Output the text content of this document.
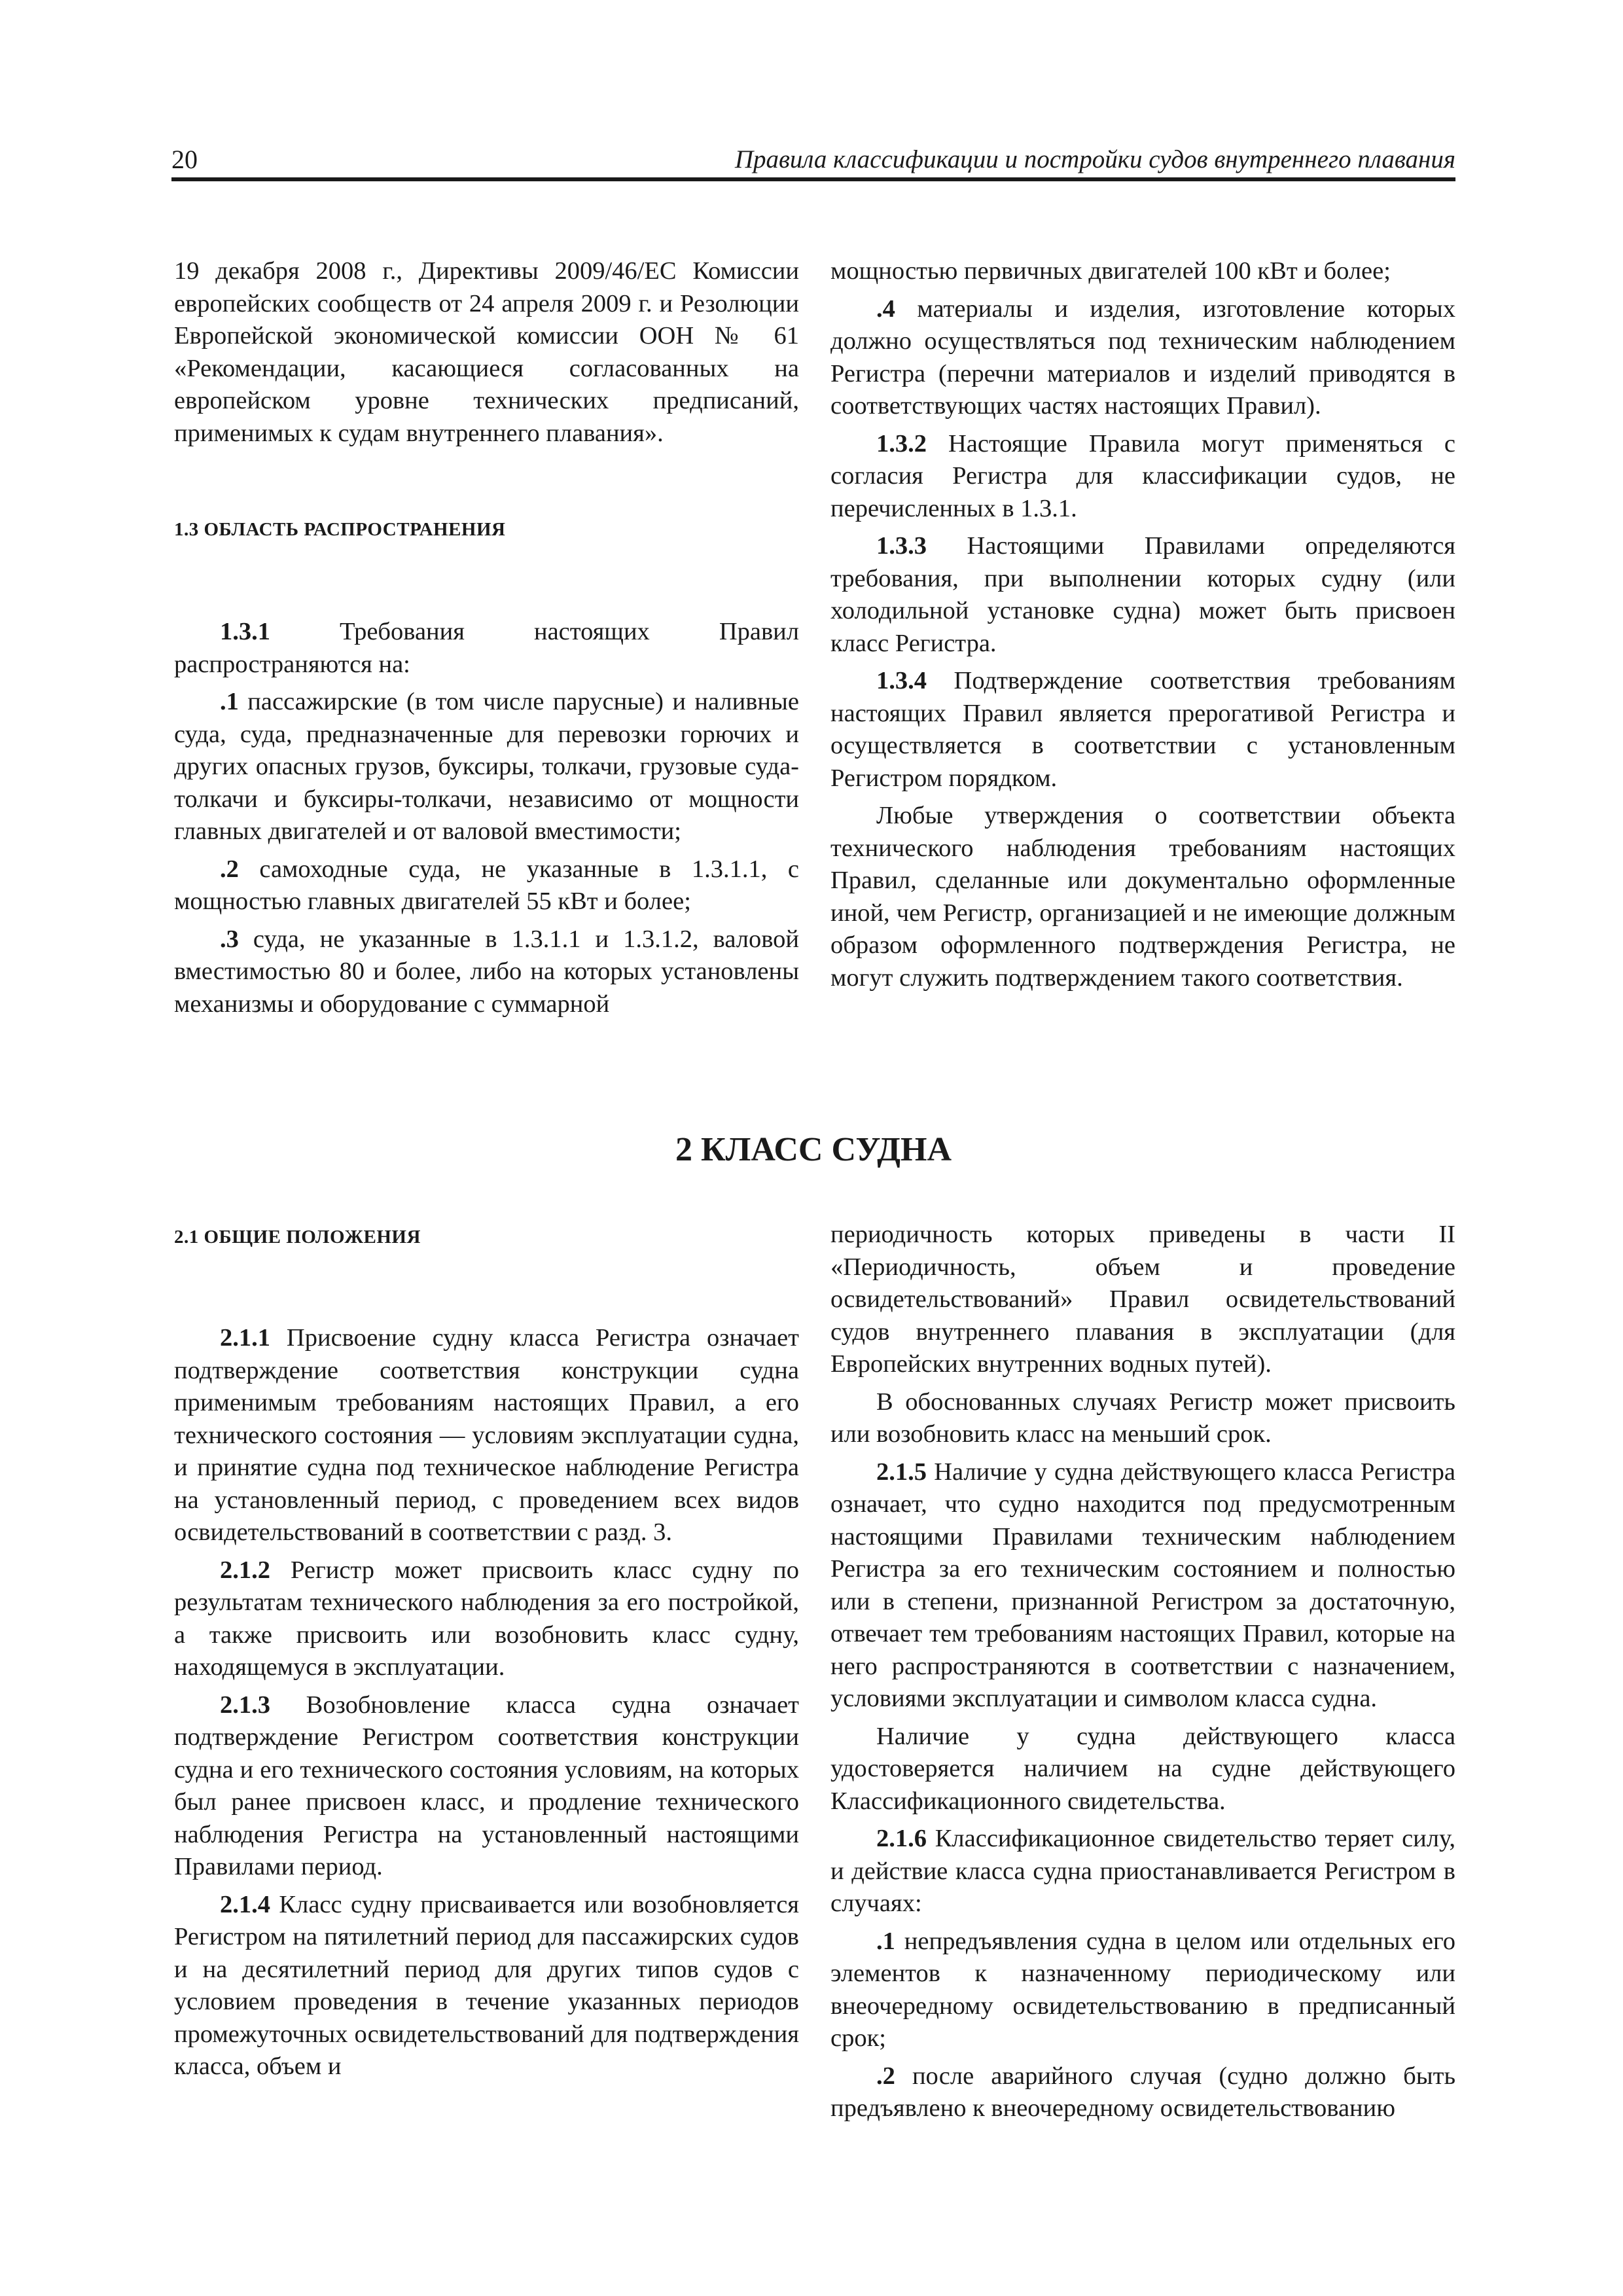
20	Правила классификации и постройки судов внутреннего плавания

19 декабря 2008 г., Директивы 2009/46/ЕС Комиссии европейских сообществ от 24 апреля 2009 г. и Резолюции Европейской экономической комиссии ООН № 61 «Рекомендации, касающиеся согласованных на европейском уровне технических предписаний, применимых к судам внутреннего плавания».

1.3 ОБЛАСТЬ РАСПРОСТРАНЕНИЯ

1.3.1 Требования настоящих Правил распространяются на:

.1 пассажирские (в том числе парусные) и наливные суда, суда, предназначенные для перевозки горючих и других опасных грузов, буксиры, толкачи, грузовые суда-толкачи и буксиры-толкачи, независимо от мощности главных двигателей и от валовой вместимости;

.2 самоходные суда, не указанные в 1.3.1.1, с мощностью главных двигателей 55 кВт и более;

.3 суда, не указанные в 1.3.1.1 и 1.3.1.2, валовой вместимостью 80 и более, либо на которых установлены механизмы и оборудование с суммарной

мощностью первичных двигателей 100 кВт и более;

.4 материалы и изделия, изготовление которых должно осуществляться под техническим наблюдением Регистра (перечни материалов и изделий приводятся в соответствующих частях настоящих Правил).

1.3.2 Настоящие Правила могут применяться с согласия Регистра для классификации судов, не перечисленных в 1.3.1.

1.3.3 Настоящими Правилами определяются требования, при выполнении которых судну (или холодильной установке судна) может быть присвоен класс Регистра.

1.3.4 Подтверждение соответствия требованиям настоящих Правил является прерогативой Регистра и осуществляется в соответствии с установленным Регистром порядком.

Любые утверждения о соответствии объекта технического наблюдения требованиям настоящих Правил, сделанные или документально оформленные иной, чем Регистр, организацией и не имеющие должным образом оформленного подтверждения Регистра, не могут служить подтверждением такого соответствия.

2 КЛАСС СУДНА

2.1 ОБЩИЕ ПОЛОЖЕНИЯ

2.1.1 Присвоение судну класса Регистра означает подтверждение соответствия конструкции судна применимым требованиям настоящих Правил, а его технического состояния — условиям эксплуатации судна, и принятие судна под техническое наблюдение Регистра на установленный период, с проведением всех видов освидетельствований в соответствии с разд. 3.

2.1.2 Регистр может присвоить класс судну по результатам технического наблюдения за его постройкой, а также присвоить или возобновить класс судну, находящемуся в эксплуатации.

2.1.3 Возобновление класса судна означает подтверждение Регистром соответствия конструкции судна и его технического состояния условиям, на которых был ранее присвоен класс, и продление технического наблюдения Регистра на установленный настоящими Правилами период.

2.1.4 Класс судну присваивается или возобновляется Регистром на пятилетний период для пассажирских судов и на десятилетний период для других типов судов с условием проведения в течение указанных периодов промежуточных освидетельствований для подтверждения класса, объем и

периодичность которых приведены в части II «Периодичность, объем и проведение освидетельствований» Правил освидетельствований судов внутреннего плавания в эксплуатации (для Европейских внутренних водных путей).

В обоснованных случаях Регистр может присвоить или возобновить класс на меньший срок.

2.1.5 Наличие у судна действующего класса Регистра означает, что судно находится под предусмотренным настоящими Правилами техническим наблюдением Регистра за его техническим состоянием и полностью или в степени, признанной Регистром за достаточную, отвечает тем требованиям настоящих Правил, которые на него распространяются в соответствии с назначением, условиями эксплуатации и символом класса судна.

Наличие у судна действующего класса удостоверяется наличием на судне действующего Классификационного свидетельства.

2.1.6 Классификационное свидетельство теряет силу, и действие класса судна приостанавливается Регистром в случаях:

.1 непредъявления судна в целом или отдельных его элементов к назначенному периодическому или внеочередному освидетельствованию в предписанный срок;

.2 после аварийного случая (судно должно быть предъявлено к внеочередному освидетельствованию
